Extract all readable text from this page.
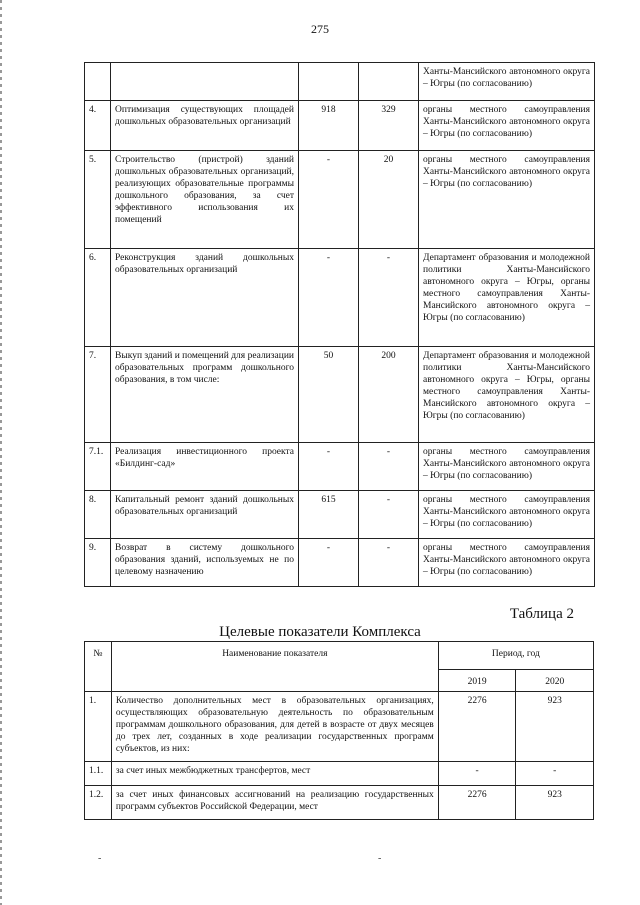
275
				Ханты-Мансийского автономного округа – Югры (по согласованию)
4.	Оптимизация существующих площадей дошкольных образовательных организаций	918	329	органы местного самоуправления Ханты-Мансийского автономного округа – Югры (по согласованию)
5.	Строительство (пристрой) зданий дошкольных образовательных организаций, реализующих образовательные программы дошкольного образования, за счет эффективного использования их помещений	-	20	органы местного самоуправления Ханты-Мансийского автономного округа – Югры (по согласованию)
6.	Реконструкция зданий дошкольных образовательных организаций	-	-	Департамент образования и молодежной политики Ханты-Мансийского автономного округа – Югры, органы местного самоуправления Ханты-Мансийского автономного округа – Югры (по согласованию)
7.	Выкуп зданий и помещений для реализации образовательных программ дошкольного образования, в том числе:	50	200	Департамент образования и молодежной политики Ханты-Мансийского автономного округа – Югры, органы местного самоуправления Ханты-Мансийского автономного округа – Югры (по согласованию)
7.1.	Реализация инвестиционного проекта «Билдинг-сад»	-	-	органы местного самоуправления Ханты-Мансийского автономного округа – Югры (по согласованию)
8.	Капитальный ремонт зданий дошкольных образовательных организаций	615	-	органы местного самоуправления Ханты-Мансийского автономного округа – Югры (по согласованию)
9.	Возврат в систему дошкольного образования зданий, используемых не по целевому назначению	-	-	органы местного самоуправления Ханты-Мансийского автономного округа – Югры (по согласованию)
Таблица 2
Целевые показатели Комплекса
№	Наименование показателя	Период, год	
		2019	2020
1.	Количество дополнительных мест в образовательных организациях, осуществляющих образовательную деятельность по образовательным программам дошкольного образования, для детей в возрасте от двух месяцев до трех лет, созданных в ходе реализации государственных программ субъектов, из них:	2276	923
1.1.	за счет иных межбюджетных трансфертов, мест	-	-
1.2.	за счет иных финансовых ассигнований на реализацию государственных программ субъектов Российской Федерации, мест	2276	923
-	-
